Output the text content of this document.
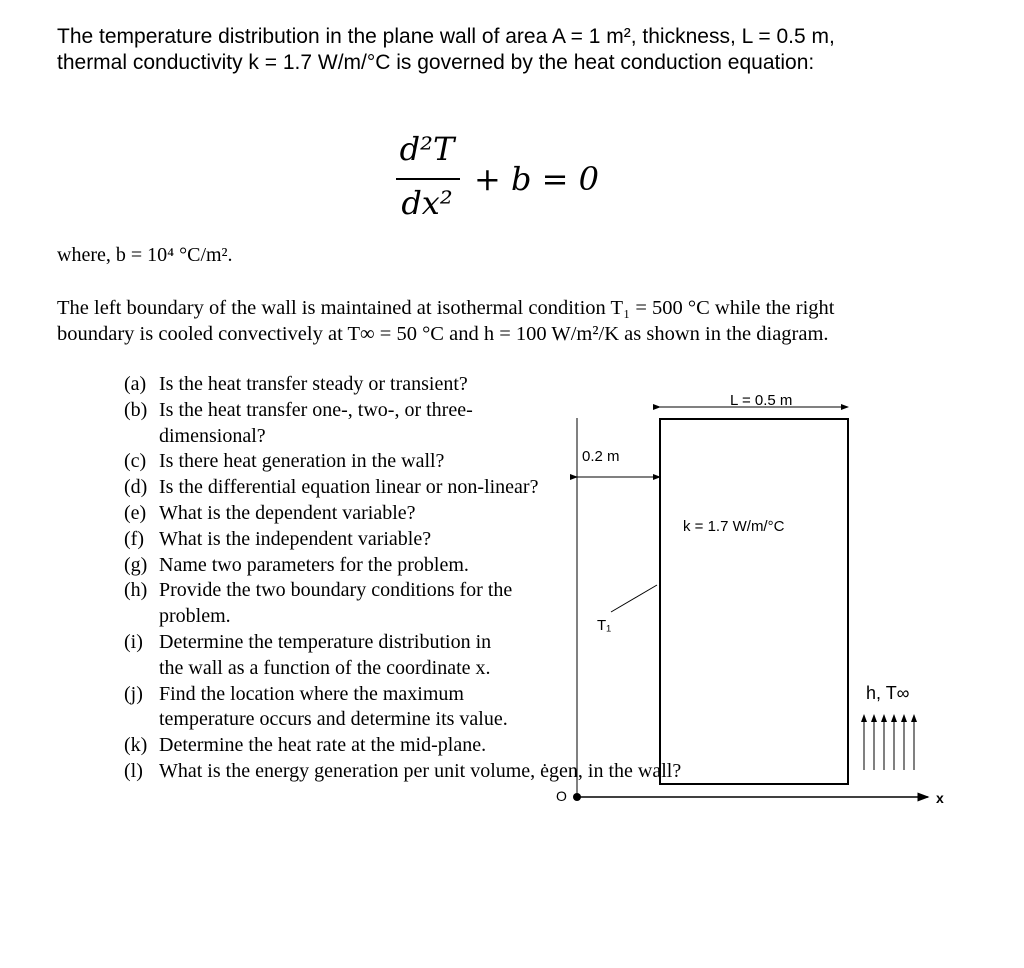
The temperature distribution in the plane wall of area A = 1 m², thickness, L = 0.5 m,

thermal conductivity k = 1.7 W/m/°C is governed by the heat conduction equation:

d²T
dx²
+ b = 0
where, b = 10⁴ °C/m².

The left boundary of the wall is maintained at isothermal condition T₁ = 500 °C while the right

boundary is cooled convectively at T∞ = 50 °C and h = 100 W/m²/K as shown in the diagram.

(a) Is the heat transfer steady or transient?
(b) Is the heat transfer one-, two-, or three-dimensional?
(c) Is there heat generation in the wall?
(d) Is the differential equation linear or non-linear?
(e) What is the dependent variable?
(f) What is the independent variable?
(g) Name two parameters for the problem.
(h) Provide the two boundary conditions for the problem.
(i) Determine the temperature distribution in the wall as a function of the coordinate x.
(j) Find the location where the maximum temperature occurs and determine its value.
(k) Determine the heat rate at the mid-plane.
(l) What is the energy generation per unit volume, ėgen, in the wall?
L = 0.5 m
0.2 m
k = 1.7 W/m/°C
T₁
h, T∞
O	x
